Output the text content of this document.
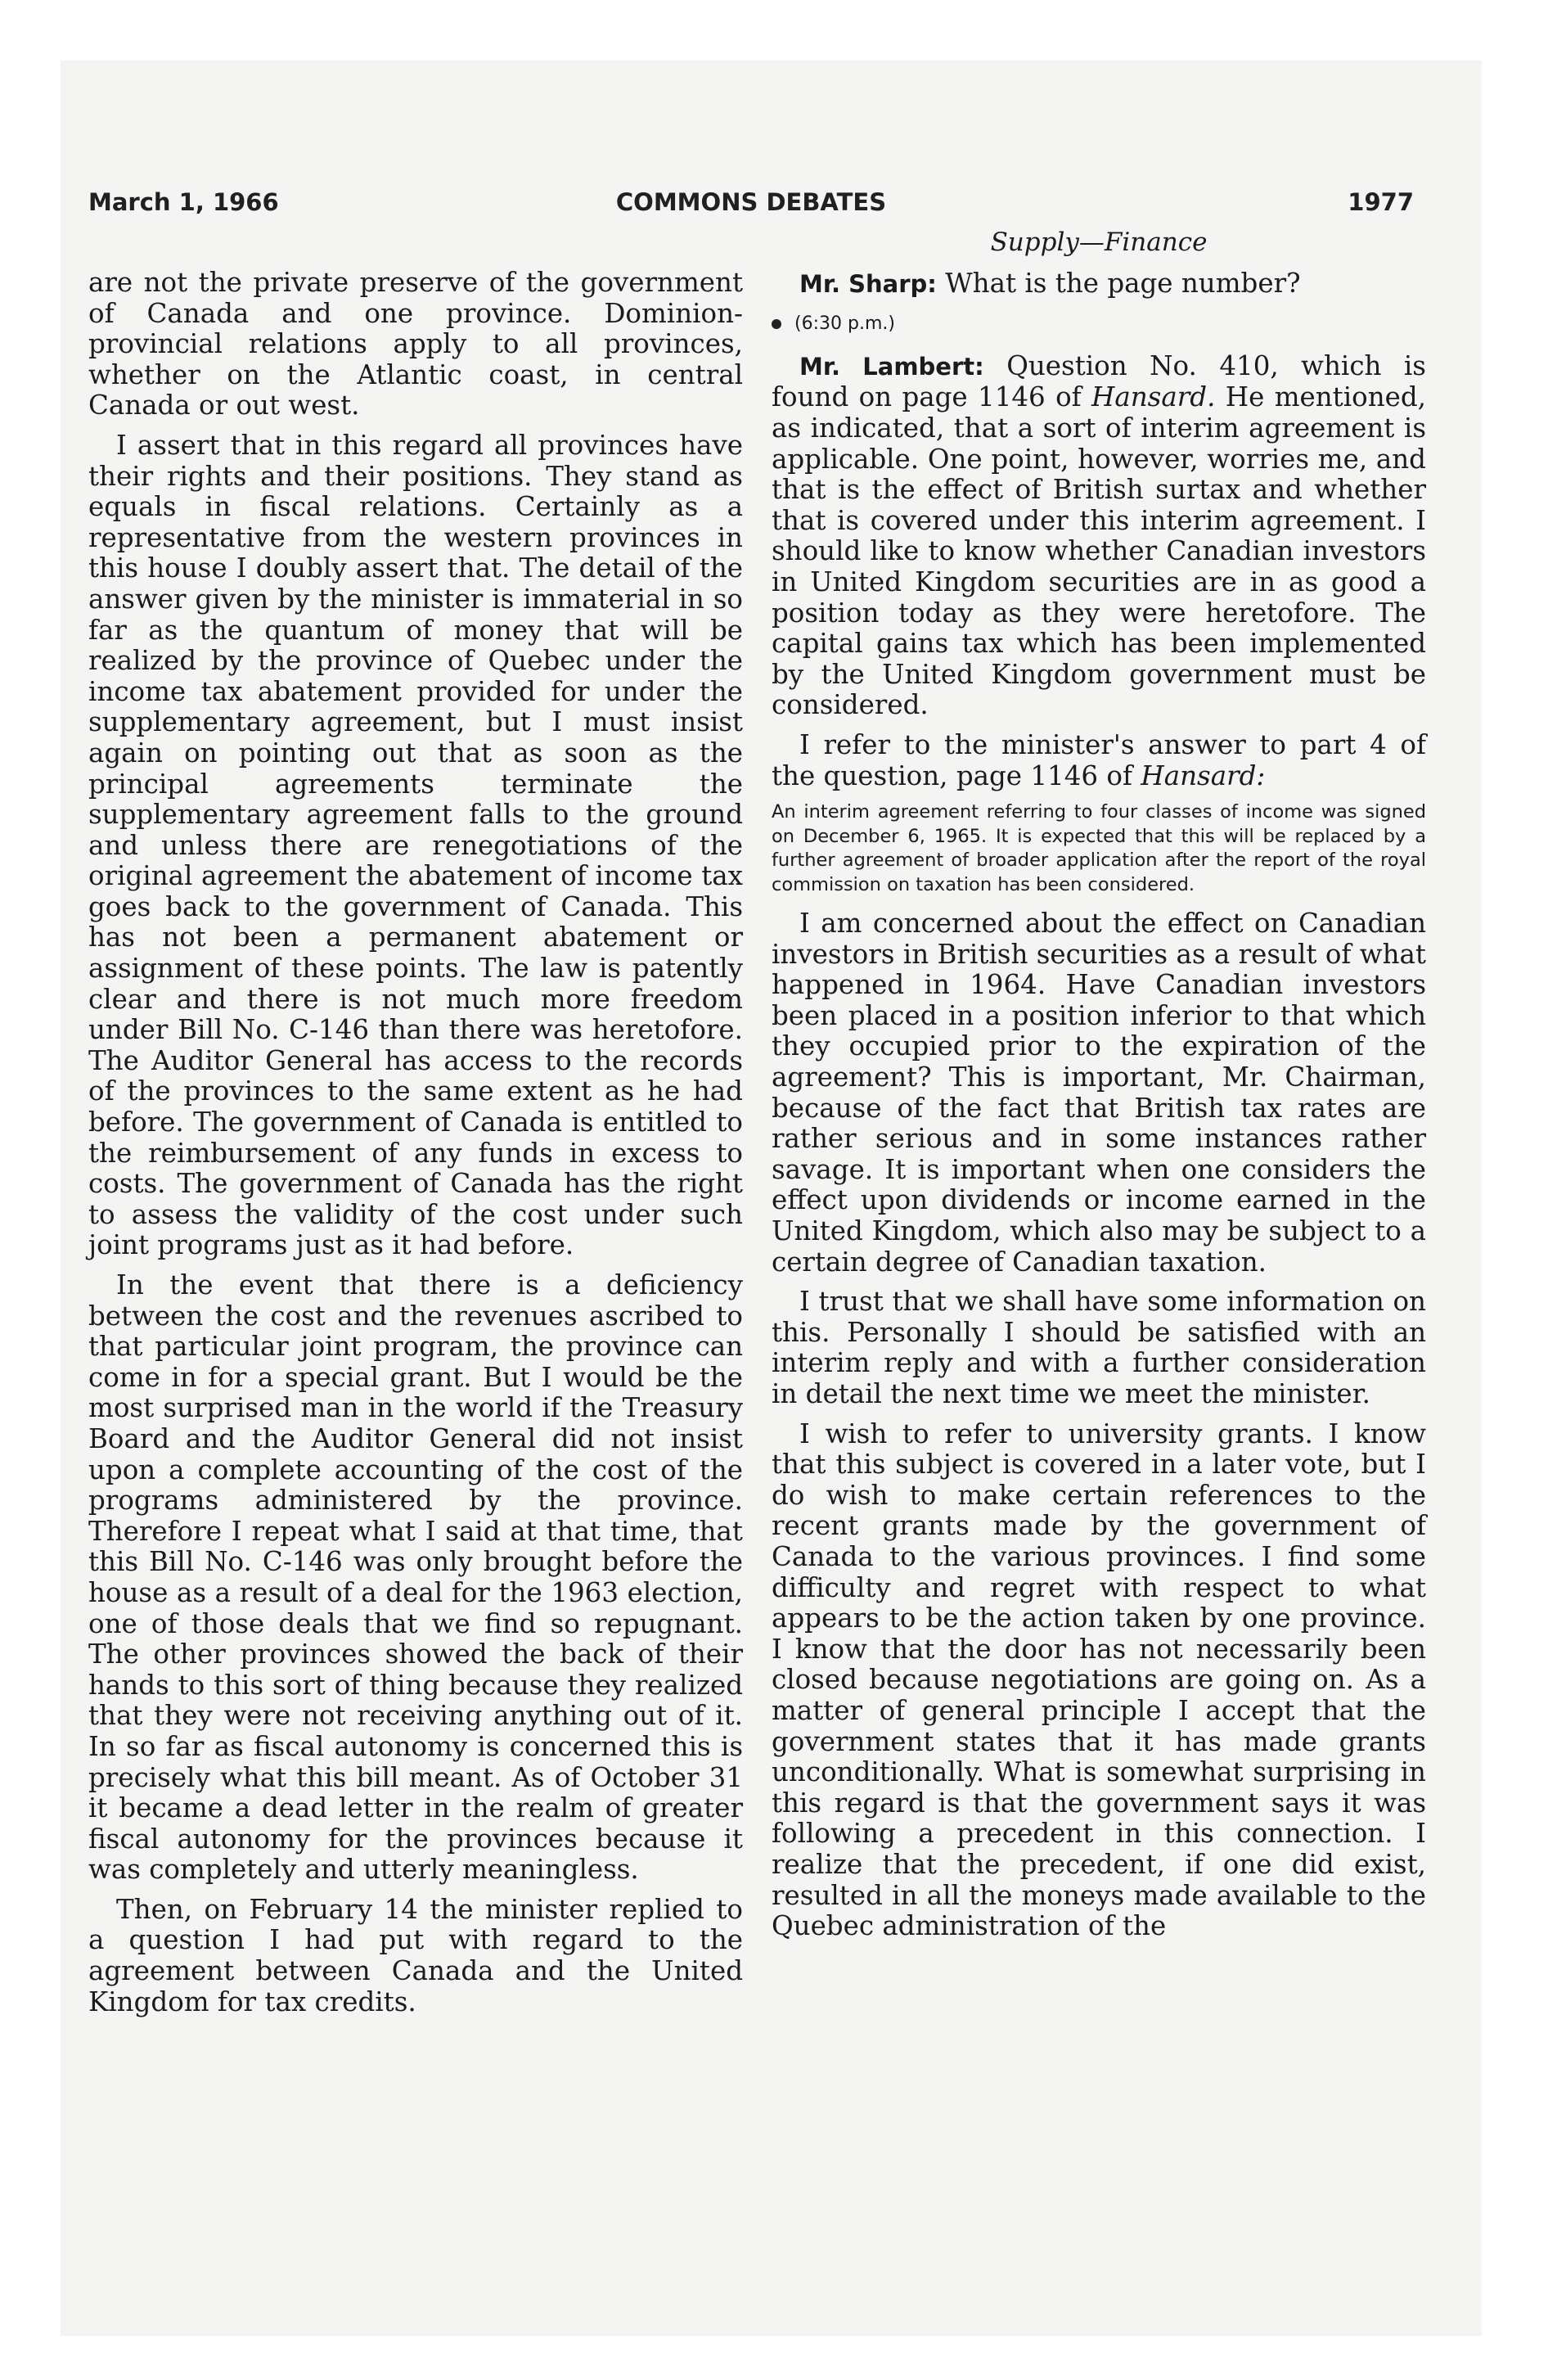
March 1, 1966	COMMONS DEBATES	1977

are not the private preserve of the government of Canada and one province. Dominion-provincial relations apply to all provinces, whether on the Atlantic coast, in central Canada or out west.

I assert that in this regard all provinces have their rights and their positions. They stand as equals in fiscal relations. Certainly as a representative from the western provinces in this house I doubly assert that. The detail of the answer given by the minister is immaterial in so far as the quantum of money that will be realized by the province of Quebec under the income tax abatement provided for under the supplementary agreement, but I must insist again on pointing out that as soon as the principal agreements terminate the supplementary agreement falls to the ground and unless there are renegotiations of the original agreement the abatement of income tax goes back to the government of Canada. This has not been a permanent abatement or assignment of these points. The law is patently clear and there is not much more freedom under Bill No. C-146 than there was heretofore. The Auditor General has access to the records of the provinces to the same extent as he had before. The government of Canada is entitled to the reimbursement of any funds in excess to costs. The government of Canada has the right to assess the validity of the cost under such joint programs just as it had before.

In the event that there is a deficiency between the cost and the revenues ascribed to that particular joint program, the province can come in for a special grant. But I would be the most surprised man in the world if the Treasury Board and the Auditor General did not insist upon a complete accounting of the cost of the programs administered by the province. Therefore I repeat what I said at that time, that this Bill No. C-146 was only brought before the house as a result of a deal for the 1963 election, one of those deals that we find so repugnant. The other provinces showed the back of their hands to this sort of thing because they realized that they were not receiving anything out of it. In so far as fiscal autonomy is concerned this is precisely what this bill meant. As of October 31 it became a dead letter in the realm of greater fiscal autonomy for the provinces because it was completely and utterly meaningless.

Then, on February 14 the minister replied to a question I had put with regard to the agreement between Canada and the United Kingdom for tax credits.

Supply—Finance

Mr. Sharp: What is the page number?

(6:30 p.m.)

Mr. Lambert: Question No. 410, which is found on page 1146 of Hansard. He mentioned, as indicated, that a sort of interim agreement is applicable. One point, however, worries me, and that is the effect of British surtax and whether that is covered under this interim agreement. I should like to know whether Canadian investors in United Kingdom securities are in as good a position today as they were heretofore. The capital gains tax which has been implemented by the United Kingdom government must be considered.

I refer to the minister's answer to part 4 of the question, page 1146 of Hansard:

An interim agreement referring to four classes of income was signed on December 6, 1965. It is expected that this will be replaced by a further agreement of broader application after the report of the royal commission on taxation has been considered.

I am concerned about the effect on Canadian investors in British securities as a result of what happened in 1964. Have Canadian investors been placed in a position inferior to that which they occupied prior to the expiration of the agreement? This is important, Mr. Chairman, because of the fact that British tax rates are rather serious and in some instances rather savage. It is important when one considers the effect upon dividends or income earned in the United Kingdom, which also may be subject to a certain degree of Canadian taxation.

I trust that we shall have some information on this. Personally I should be satisfied with an interim reply and with a further consideration in detail the next time we meet the minister.

I wish to refer to university grants. I know that this subject is covered in a later vote, but I do wish to make certain references to the recent grants made by the government of Canada to the various provinces. I find some difficulty and regret with respect to what appears to be the action taken by one province. I know that the door has not necessarily been closed because negotiations are going on. As a matter of general principle I accept that the government states that it has made grants unconditionally. What is somewhat surprising in this regard is that the government says it was following a precedent in this connection. I realize that the precedent, if one did exist, resulted in all the moneys made available to the Quebec administration of the
